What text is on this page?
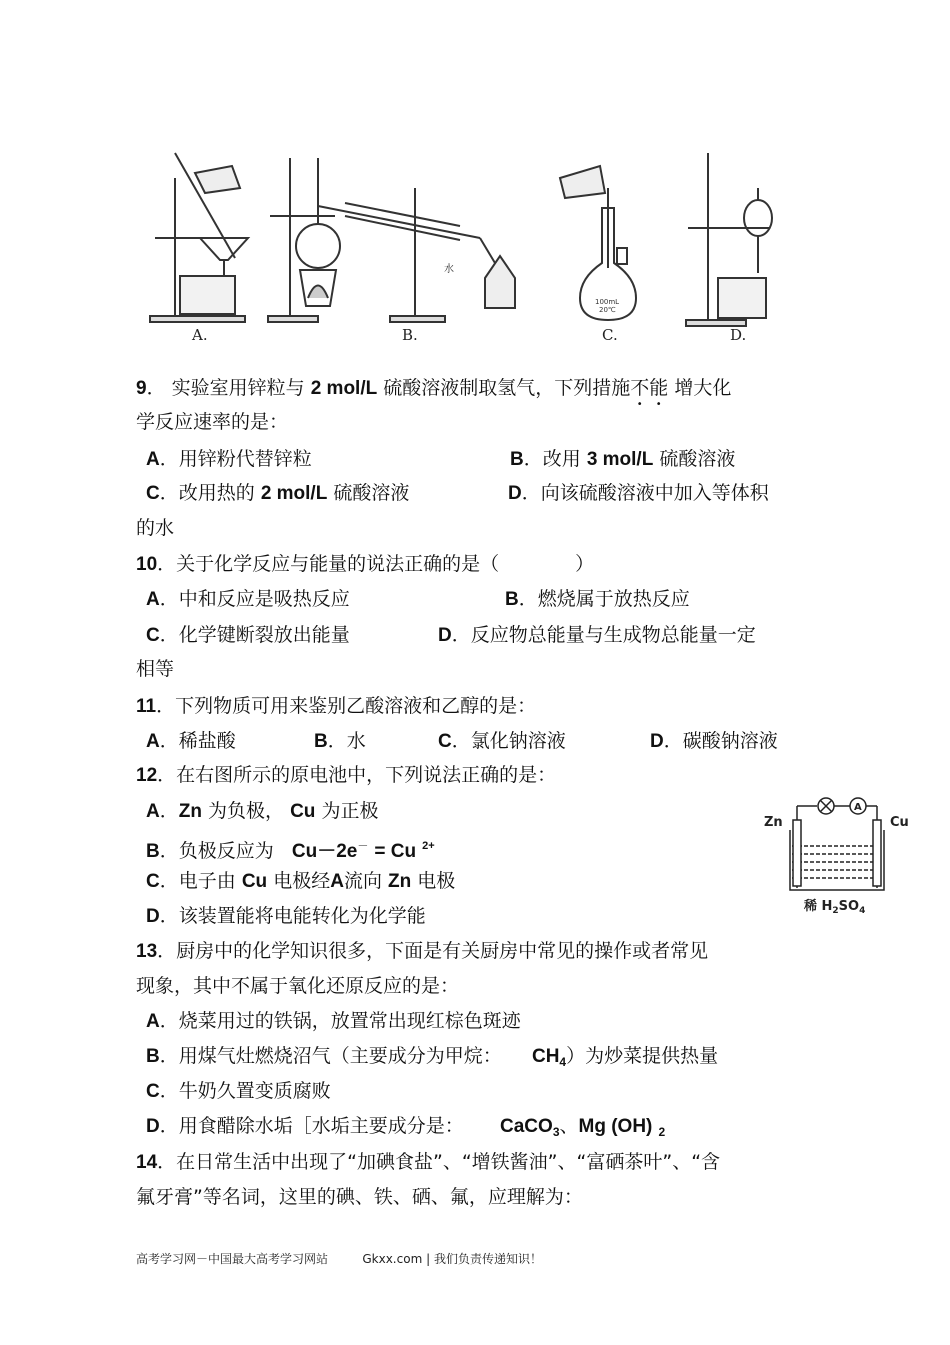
A.	B.	C.	D.
水
100mL
20℃
9． 实验室用锌粒与 2 mol/L 硫酸溶液制取氢气，下列措施不能 增大化
学反应速率的是：
A．用锌粉代替锌粒	B．改用 3 mol/L 硫酸溶液
C．改用热的 2 mol/L 硫酸溶液	D．向该硫酸溶液中加入等体积
的水
10．关于化学反应与能量的说法正确的是（　　　　）
A．中和反应是吸热反应	B．燃烧属于放热反应
C．化学键断裂放出能量	D．反应物总能量与生成物总能量一定
相等
11．下列物质可用来鉴别乙酸溶液和乙醇的是：
A．稀盐酸	B．水	C．氯化钠溶液	D．碳酸钠溶液
12．在右图所示的原电池中，下列说法正确的是：
A．Zn 为负极， Cu 为正极
B．负极反应为 Cu－2e－ = Cu $^{2+}$
C．电子由 Cu 电极经A流向 Zn 电极
D．该装置能将电能转化为化学能
A
Zn	Cu
稀 $H_2SO_4$
13．厨房中的化学知识很多，下面是有关厨房中常见的操作或者常见
现象，其中不属于氧化还原反应的是：
A．烧菜用过的铁锅，放置常出现红棕色斑迹
B．用煤气灶燃烧沼气（主要成分为甲烷： $CH_4$）为炒菜提供热量
C．牛奶久置变质腐败
D．用食醋除水垢［水垢主要成分是： CaCO$_3$、Mg (OH) $_2$
14．在日常生活中出现了“加碘食盐”、“增铁酱油”、“富硒茶叶”、“含
氟牙膏”等名词，这里的碘、铁、硒、氟，应理解为：
高考学习网－中国最大高考学习网站	Gkxx.com | 我们负责传递知识！
